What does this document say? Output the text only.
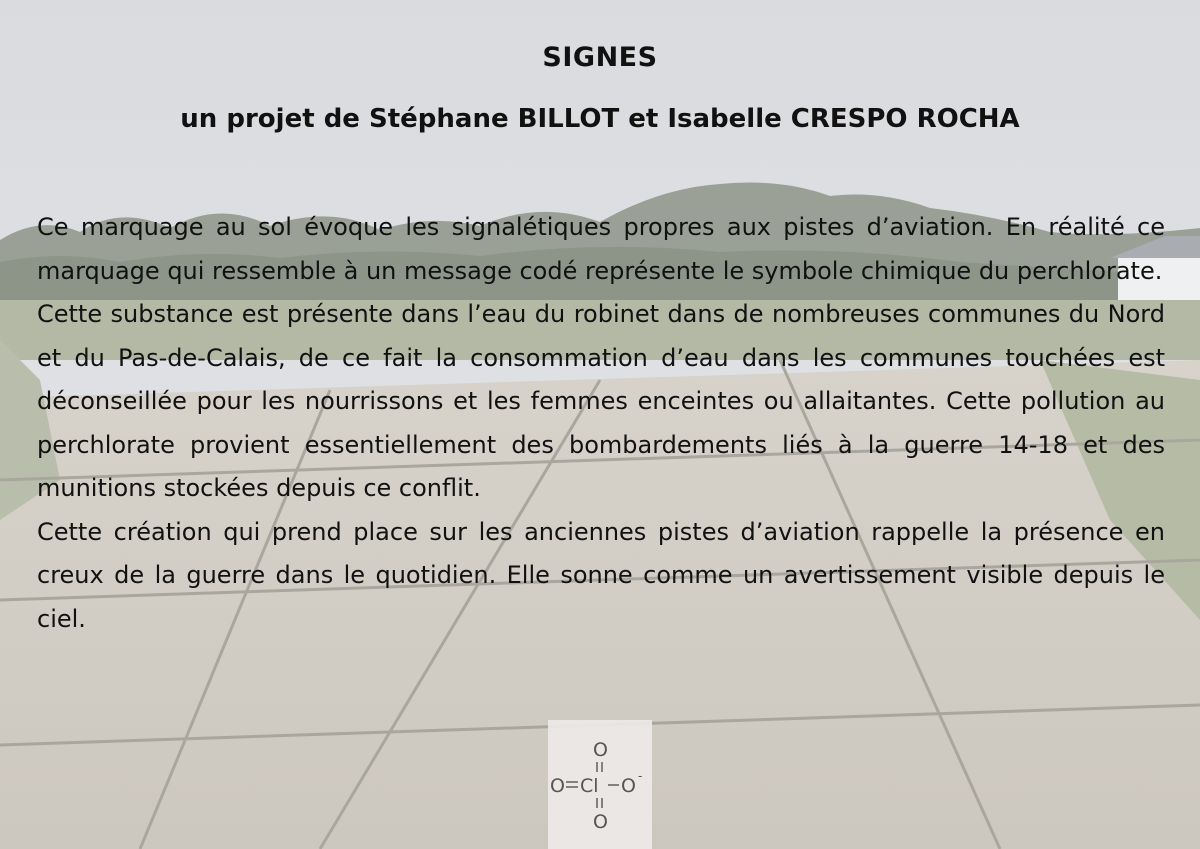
SIGNES
un projet de Stéphane BILLOT et Isabelle CRESPO ROCHA

Ce marquage au sol évoque les signalétiques propres aux pistes d’aviation. En réalité ce marquage qui ressemble à un message codé représente le symbole chimique du perchlorate.

Cette substance est présente dans l’eau du robinet dans de nombreuses communes du Nord et du Pas-de-Calais, de ce fait la consommation d’eau dans les communes touchées est déconseillée pour les nourrissons et les femmes enceintes ou allaitantes. Cette pollution au perchlorate provient essentiellement des bombardements liés à la guerre 14-18 et des munitions stockées depuis ce conflit.

Cette création qui prend place sur les anciennes pistes d’aviation rappelle la présence en creux de la guerre dans le quotidien. Elle sonne comme un avertissement visible depuis le ciel.

O
O Cl O -
O
